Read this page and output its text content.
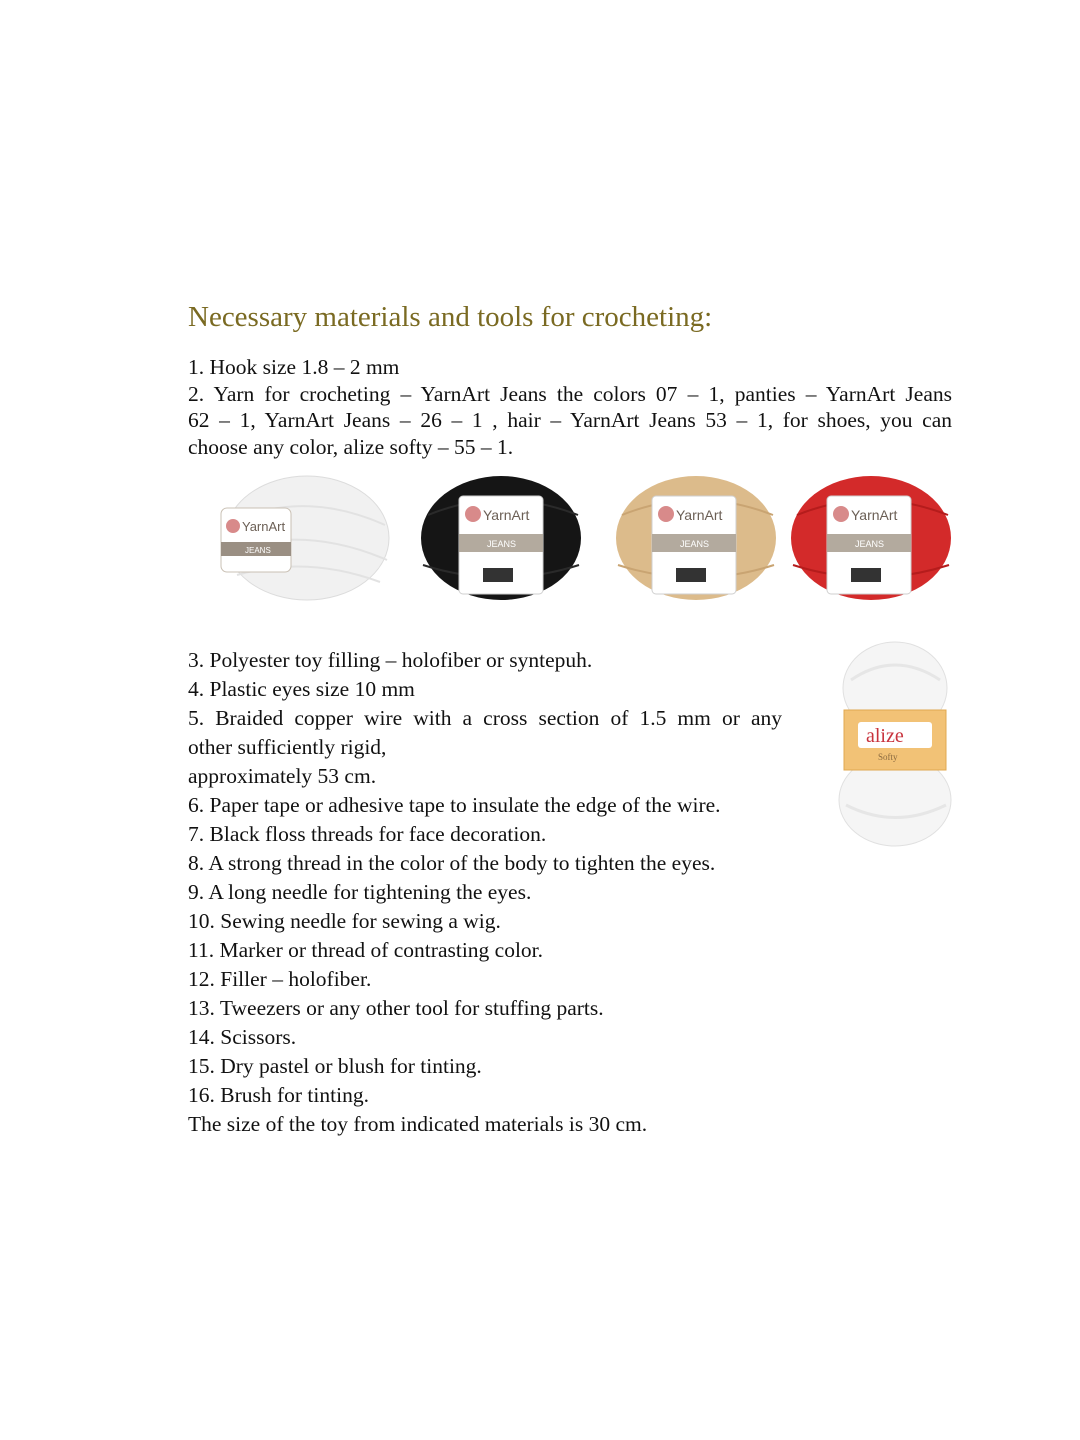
Necessary materials and tools for crocheting:

1. Hook size 1.8 – 2 mm

2. Yarn for crocheting – YarnArt Jeans the colors 07 – 1, panties – YarnArt Jeans

62 – 1, YarnArt Jeans – 26 – 1 , hair – YarnArt Jeans 53 – 1, for shoes, you can

choose any color, alize softy – 55 – 1.

YarnArt
JEANS
YarnArt
JEANS
YarnArt
JEANS
YarnArt
JEANS

3. Polyester toy filling – holofiber or syntepuh.

4. Plastic eyes size 10 mm

5. Braided copper wire with a cross section of 1.5 mm or any

other sufficiently rigid,

approximately 53 cm.

6. Paper tape or adhesive tape to insulate the edge of the wire.

7. Black floss threads for face decoration.

8. A strong thread in the color of the body to tighten the eyes.

9. A long needle for tightening the eyes.

10. Sewing needle for sewing a wig.

11. Marker or thread of contrasting color.

12. Filler – holofiber.

13. Tweezers or any other tool for stuffing parts.

14. Scissors.

15. Dry pastel or blush for tinting.

16. Brush for tinting.

The size of the toy from indicated materials is 30 cm.

alize
Softy
